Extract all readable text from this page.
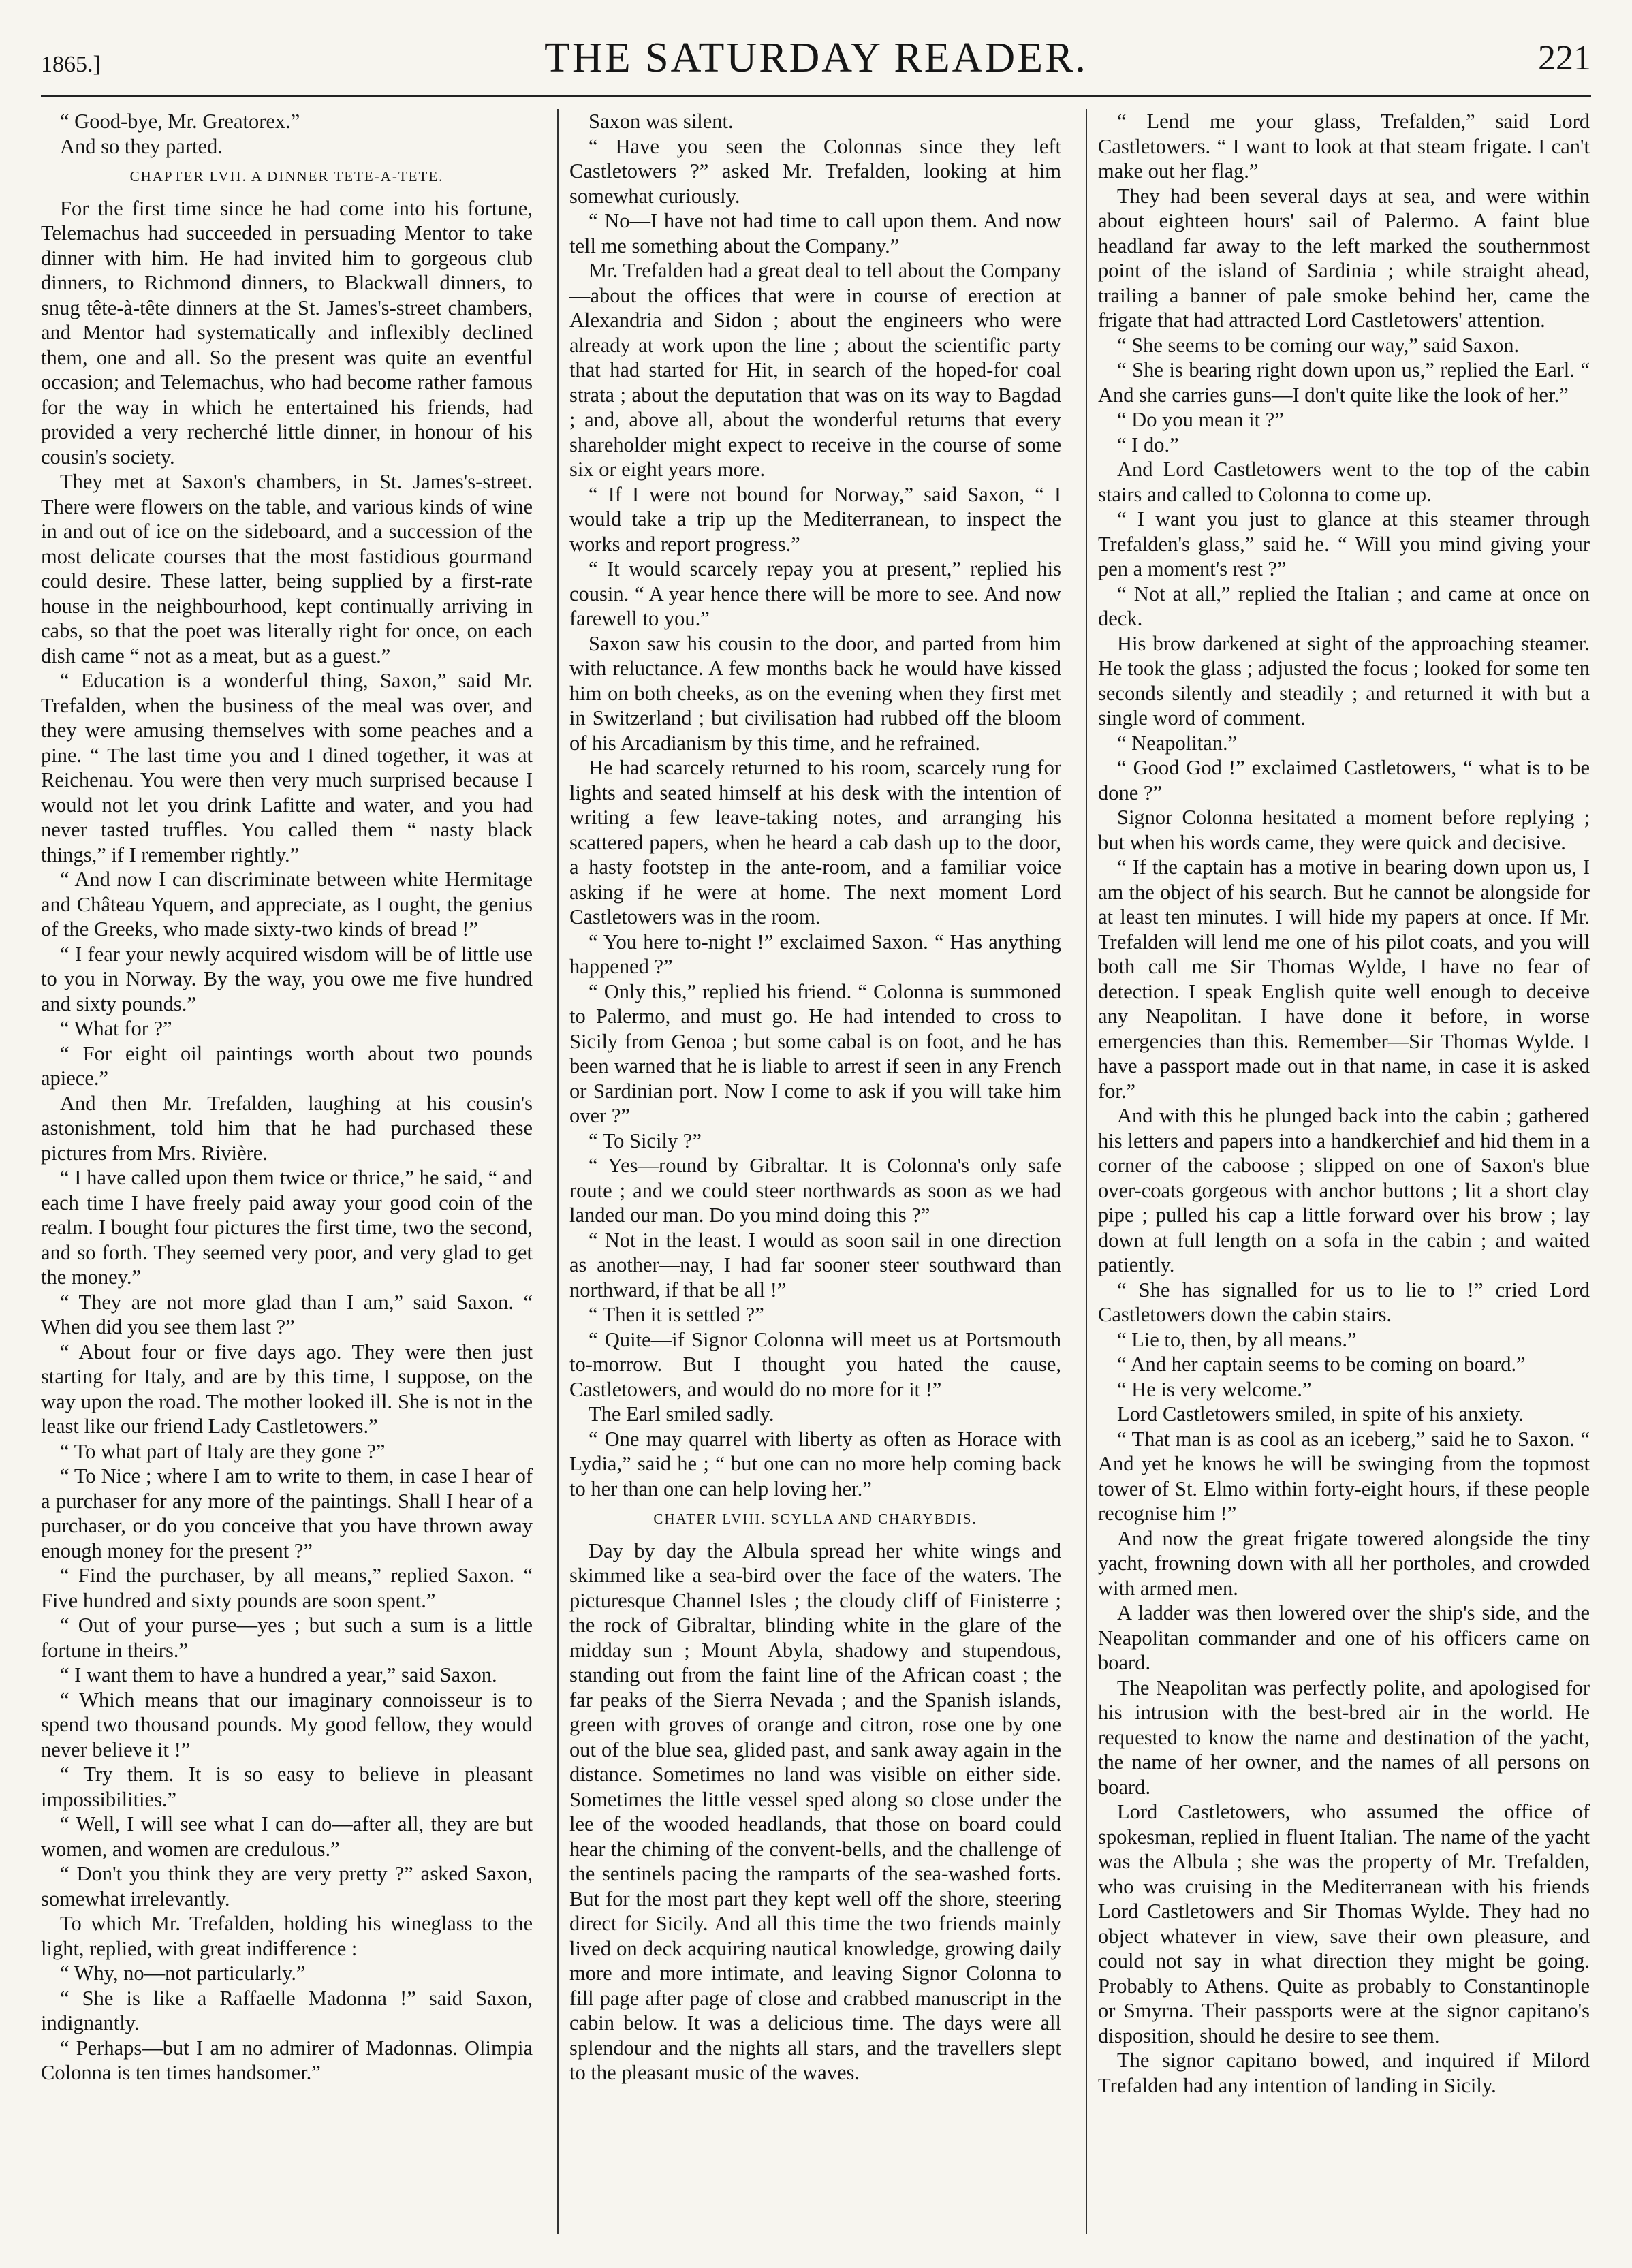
1865.]	THE SATURDAY READER.	221

“ Good-bye, Mr. Greatorex.”

And so they parted.

CHAPTER LVII. A DINNER TETE-A-TETE.

For the first time since he had come into his fortune, Telemachus had succeeded in persuading Mentor to take dinner with him. He had invited him to gorgeous club dinners, to Richmond dinners, to Blackwall dinners, to snug tête-à-tête dinners at the St. James's-street chambers, and Mentor had systematically and inflexibly declined them, one and all. So the present was quite an eventful occasion; and Telemachus, who had become rather famous for the way in which he entertained his friends, had provided a very recherché little dinner, in honour of his cousin's society.

They met at Saxon's chambers, in St. James's-street. There were flowers on the table, and various kinds of wine in and out of ice on the sideboard, and a succession of the most delicate courses that the most fastidious gourmand could desire. These latter, being supplied by a first-rate house in the neighbourhood, kept continually arriving in cabs, so that the poet was literally right for once, on each dish came “ not as a meat, but as a guest.”

“ Education is a wonderful thing, Saxon,” said Mr. Trefalden, when the business of the meal was over, and they were amusing themselves with some peaches and a pine. “ The last time you and I dined together, it was at Reichenau. You were then very much surprised because I would not let you drink Lafitte and water, and you had never tasted truffles. You called them “ nasty black things,” if I remember rightly.”

“ And now I can discriminate between white Hermitage and Château Yquem, and appreciate, as I ought, the genius of the Greeks, who made sixty-two kinds of bread !”

“ I fear your newly acquired wisdom will be of little use to you in Norway. By the way, you owe me five hundred and sixty pounds.”

“ What for ?”

“ For eight oil paintings worth about two pounds apiece.”

And then Mr. Trefalden, laughing at his cousin's astonishment, told him that he had purchased these pictures from Mrs. Rivière.

“ I have called upon them twice or thrice,” he said, “ and each time I have freely paid away your good coin of the realm. I bought four pictures the first time, two the second, and so forth. They seemed very poor, and very glad to get the money.”

“ They are not more glad than I am,” said Saxon. “ When did you see them last ?”

“ About four or five days ago. They were then just starting for Italy, and are by this time, I suppose, on the way upon the road. The mother looked ill. She is not in the least like our friend Lady Castletowers.”

“ To what part of Italy are they gone ?”

“ To Nice ; where I am to write to them, in case I hear of a purchaser for any more of the paintings. Shall I hear of a purchaser, or do you conceive that you have thrown away enough money for the present ?”

“ Find the purchaser, by all means,” replied Saxon. “ Five hundred and sixty pounds are soon spent.”

“ Out of your purse—yes ; but such a sum is a little fortune in theirs.”

“ I want them to have a hundred a year,” said Saxon.

“ Which means that our imaginary connoisseur is to spend two thousand pounds. My good fellow, they would never believe it !”

“ Try them. It is so easy to believe in pleasant impossibilities.”

“ Well, I will see what I can do—after all, they are but women, and women are credulous.”

“ Don't you think they are very pretty ?” asked Saxon, somewhat irrelevantly.

To which Mr. Trefalden, holding his wineglass to the light, replied, with great indifference :

“ Why, no—not particularly.”

“ She is like a Raffaelle Madonna !” said Saxon, indignantly.

“ Perhaps—but I am no admirer of Madonnas. Olimpia Colonna is ten times handsomer.”

Saxon was silent.

“ Have you seen the Colonnas since they left Castletowers ?” asked Mr. Trefalden, looking at him somewhat curiously.

“ No—I have not had time to call upon them. And now tell me something about the Company.”

Mr. Trefalden had a great deal to tell about the Company—about the offices that were in course of erection at Alexandria and Sidon ; about the engineers who were already at work upon the line ; about the scientific party that had started for Hit, in search of the hoped-for coal strata ; about the deputation that was on its way to Bagdad ; and, above all, about the wonderful returns that every shareholder might expect to receive in the course of some six or eight years more.

“ If I were not bound for Norway,” said Saxon, “ I would take a trip up the Mediterranean, to inspect the works and report progress.”

“ It would scarcely repay you at present,” replied his cousin. “ A year hence there will be more to see. And now farewell to you.”

Saxon saw his cousin to the door, and parted from him with reluctance. A few months back he would have kissed him on both cheeks, as on the evening when they first met in Switzerland ; but civilisation had rubbed off the bloom of his Arcadianism by this time, and he refrained.

He had scarcely returned to his room, scarcely rung for lights and seated himself at his desk with the intention of writing a few leave-taking notes, and arranging his scattered papers, when he heard a cab dash up to the door, a hasty footstep in the ante-room, and a familiar voice asking if he were at home. The next moment Lord Castletowers was in the room.

“ You here to-night !” exclaimed Saxon. “ Has anything happened ?”

“ Only this,” replied his friend. “ Colonna is summoned to Palermo, and must go. He had intended to cross to Sicily from Genoa ; but some cabal is on foot, and he has been warned that he is liable to arrest if seen in any French or Sardinian port. Now I come to ask if you will take him over ?”

“ To Sicily ?”

“ Yes—round by Gibraltar. It is Colonna's only safe route ; and we could steer northwards as soon as we had landed our man. Do you mind doing this ?”

“ Not in the least. I would as soon sail in one direction as another—nay, I had far sooner steer southward than northward, if that be all !”

“ Then it is settled ?”

“ Quite—if Signor Colonna will meet us at Portsmouth to-morrow. But I thought you hated the cause, Castletowers, and would do no more for it !”

The Earl smiled sadly.

“ One may quarrel with liberty as often as Horace with Lydia,” said he ; “ but one can no more help coming back to her than one can help loving her.”

CHATER LVIII. SCYLLA AND CHARYBDIS.

Day by day the Albula spread her white wings and skimmed like a sea-bird over the face of the waters. The picturesque Channel Isles ; the cloudy cliff of Finisterre ; the rock of Gibraltar, blinding white in the glare of the midday sun ; Mount Abyla, shadowy and stupendous, standing out from the faint line of the African coast ; the far peaks of the Sierra Nevada ; and the Spanish islands, green with groves of orange and citron, rose one by one out of the blue sea, glided past, and sank away again in the distance. Sometimes no land was visible on either side. Sometimes the little vessel sped along so close under the lee of the wooded headlands, that those on board could hear the chiming of the convent-bells, and the challenge of the sentinels pacing the ramparts of the sea-washed forts. But for the most part they kept well off the shore, steering direct for Sicily. And all this time the two friends mainly lived on deck acquiring nautical knowledge, growing daily more and more intimate, and leaving Signor Colonna to fill page after page of close and crabbed manuscript in the cabin below. It was a delicious time. The days were all splendour and the nights all stars, and the travellers slept to the pleasant music of the waves.

“ Lend me your glass, Trefalden,” said Lord Castletowers. “ I want to look at that steam frigate. I can't make out her flag.”

They had been several days at sea, and were within about eighteen hours' sail of Palermo. A faint blue headland far away to the left marked the southernmost point of the island of Sardinia ; while straight ahead, trailing a banner of pale smoke behind her, came the frigate that had attracted Lord Castletowers' attention.

“ She seems to be coming our way,” said Saxon.

“ She is bearing right down upon us,” replied the Earl. “ And she carries guns—I don't quite like the look of her.”

“ Do you mean it ?”

“ I do.”

And Lord Castletowers went to the top of the cabin stairs and called to Colonna to come up.

“ I want you just to glance at this steamer through Trefalden's glass,” said he. “ Will you mind giving your pen a moment's rest ?”

“ Not at all,” replied the Italian ; and came at once on deck.

His brow darkened at sight of the approaching steamer. He took the glass ; adjusted the focus ; looked for some ten seconds silently and steadily ; and returned it with but a single word of comment.

“ Neapolitan.”

“ Good God !” exclaimed Castletowers, “ what is to be done ?”

Signor Colonna hesitated a moment before replying ; but when his words came, they were quick and decisive.

“ If the captain has a motive in bearing down upon us, I am the object of his search. But he cannot be alongside for at least ten minutes. I will hide my papers at once. If Mr. Trefalden will lend me one of his pilot coats, and you will both call me Sir Thomas Wylde, I have no fear of detection. I speak English quite well enough to deceive any Neapolitan. I have done it before, in worse emergencies than this. Remember—Sir Thomas Wylde. I have a passport made out in that name, in case it is asked for.”

And with this he plunged back into the cabin ; gathered his letters and papers into a handkerchief and hid them in a corner of the caboose ; slipped on one of Saxon's blue over-coats gorgeous with anchor buttons ; lit a short clay pipe ; pulled his cap a little forward over his brow ; lay down at full length on a sofa in the cabin ; and waited patiently.

“ She has signalled for us to lie to !” cried Lord Castletowers down the cabin stairs.

“ Lie to, then, by all means.”

“ And her captain seems to be coming on board.”

“ He is very welcome.”

Lord Castletowers smiled, in spite of his anxiety.

“ That man is as cool as an iceberg,” said he to Saxon. “ And yet he knows he will be swinging from the topmost tower of St. Elmo within forty-eight hours, if these people recognise him !”

And now the great frigate towered alongside the tiny yacht, frowning down with all her portholes, and crowded with armed men.

A ladder was then lowered over the ship's side, and the Neapolitan commander and one of his officers came on board.

The Neapolitan was perfectly polite, and apologised for his intrusion with the best-bred air in the world. He requested to know the name and destination of the yacht, the name of her owner, and the names of all persons on board.

Lord Castletowers, who assumed the office of spokesman, replied in fluent Italian. The name of the yacht was the Albula ; she was the property of Mr. Trefalden, who was cruising in the Mediterranean with his friends Lord Castletowers and Sir Thomas Wylde. They had no object whatever in view, save their own pleasure, and could not say in what direction they might be going. Probably to Athens. Quite as probably to Constantinople or Smyrna. Their passports were at the signor capitano's disposition, should he desire to see them.

The signor capitano bowed, and inquired if Milord Trefalden had any intention of landing in Sicily.
